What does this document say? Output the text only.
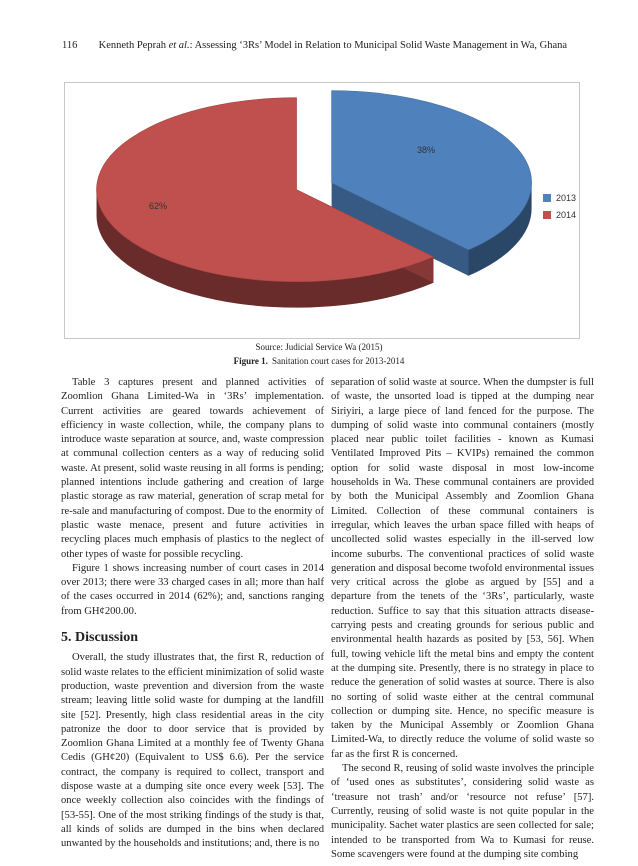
116 Kenneth Peprah et al.: Assessing ‘3Rs’ Model in Relation to Municipal Solid Waste Management in Wa, Ghana
38%
62%
2013
2014
Source: Judicial Service Wa (2015)
Figure 1. Sanitation court cases for 2013-2014

Table 3 captures present and planned activities of Zoomlion Ghana Limited-Wa in ‘3Rs’ implementation. Current activities are geared towards achievement of efficiency in waste collection, while, the company plans to introduce waste separation at source, and, waste compression at communal collection centers as a way of reducing solid waste. At present, solid waste reusing in all forms is pending; planned intentions include gathering and creation of large plastic storage as raw material, generation of scrap metal for re-sale and manufacturing of compost. Due to the enormity of plastic waste menace, present and future activities in recycling places much emphasis of plastics to the neglect of other types of waste for possible recycling.

Figure 1 shows increasing number of court cases in 2014 over 2013; there were 33 charged cases in all; more than half of the cases occurred in 2014 (62%); and, sanctions ranging from GH¢200.00.

5. Discussion

Overall, the study illustrates that, the first R, reduction of solid waste relates to the efficient minimization of solid waste production, waste prevention and diversion from the waste stream; leaving little solid waste for dumping at the landfill site [52]. Presently, high class residential areas in the city patronize the door to door service that is provided by Zoomlion Ghana Limited at a monthly fee of Twenty Ghana Cedis (GH¢20) (Equivalent to US$ 6.6). Per the service contract, the company is required to collect, transport and dispose waste at a dumping site once every week [53]. The once weekly collection also coincides with the findings of [53-55]. One of the most striking findings of the study is that, all kinds of solids are dumped in the bins when declared unwanted by the households and institutions; and, there is no

separation of solid waste at source. When the dumpster is full of waste, the unsorted load is tipped at the dumping near Siriyiri, a large piece of land fenced for the purpose. The dumping of solid waste into communal containers (mostly placed near public toilet facilities - known as Kumasi Ventilated Improved Pits – KVIPs) remained the common option for solid waste disposal in most low-income households in Wa. These communal containers are provided by both the Municipal Assembly and Zoomlion Ghana Limited. Collection of these communal containers is irregular, which leaves the urban space filled with heaps of uncollected solid wastes especially in the ill-served low income suburbs. The conventional practices of solid waste generation and disposal become twofold environmental issues very critical across the globe as argued by [55] and a departure from the tenets of the ‘3Rs’, particularly, waste reduction. Suffice to say that this situation attracts disease-carrying pests and creating grounds for serious public and environmental health hazards as posited by [53, 56]. When full, towing vehicle lift the metal bins and empty the content at the dumping site. Presently, there is no strategy in place to reduce the generation of solid wastes at source. There is also no sorting of solid waste either at the central communal collection or dumping site. Hence, no specific measure is taken by the Municipal Assembly or Zoomlion Ghana Limited-Wa, to directly reduce the volume of solid waste so far as the first R is concerned.

The second R, reusing of solid waste involves the principle of ‘used ones as substitutes’, considering solid waste as ‘treasure not trash’ and/or ‘resource not refuse’ [57]. Currently, reusing of solid waste is not quite popular in the municipality. Sachet water plastics are seen collected for sale; intended to be transported from Wa to Kumasi for reuse. Some scavengers were found at the dumping site combing
